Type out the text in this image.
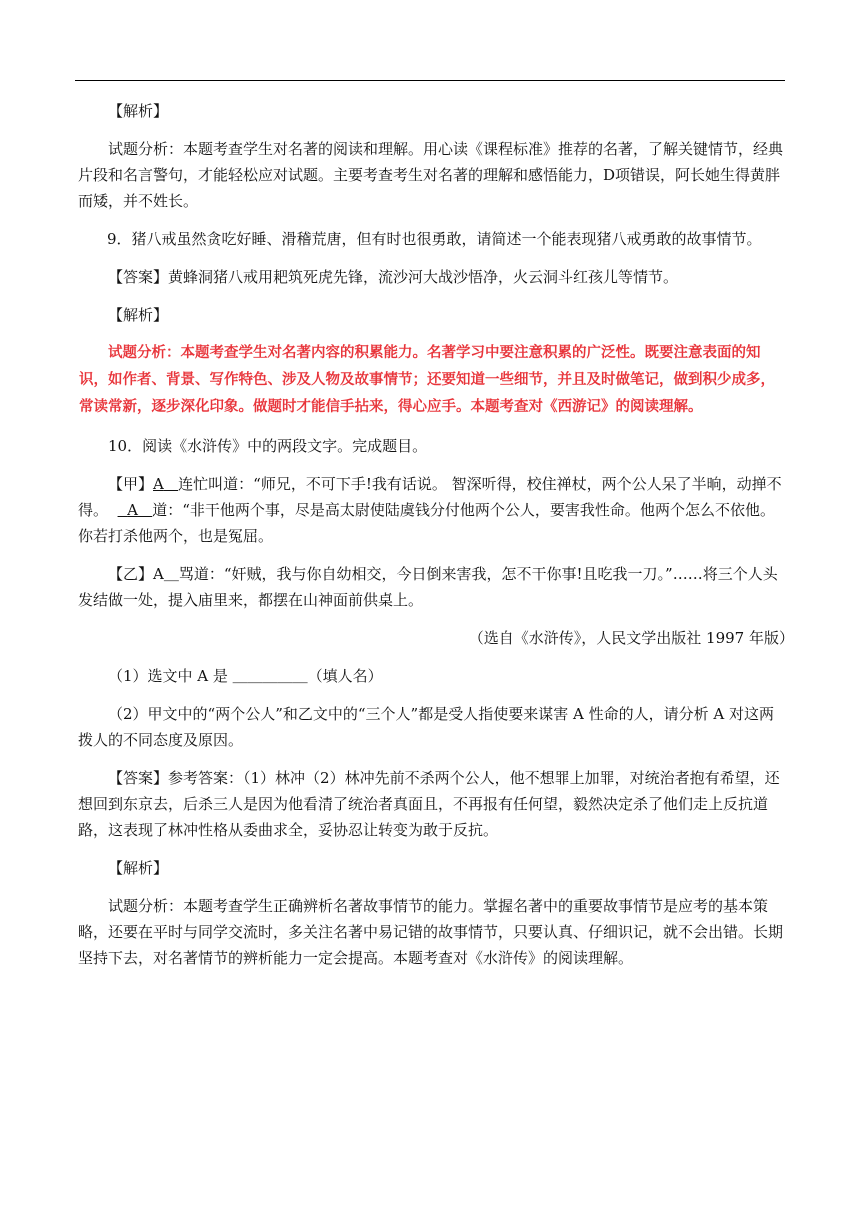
【解析】

试题分析：本题考查学生对名著的阅读和理解。用心读《课程标准》推荐的名著，了解关键情节，经典片段和名言警句，才能轻松应对试题。主要考查考生对名著的理解和感悟能力，D项错误，阿长她生得黄胖而矮，并不姓长。

9．猪八戒虽然贪吃好睡、滑稽荒唐，但有时也很勇敢，请简述一个能表现猪八戒勇敢的故事情节。

【答案】黄蜂洞猪八戒用耙筑死虎先锋，流沙河大战沙悟净，火云洞斗红孩儿等情节。

【解析】

试题分析：本题考查学生对名著内容的积累能力。名著学习中要注意积累的广泛性。既要注意表面的知识，如作者、背景、写作特色、涉及人物及故事情节；还要知道一些细节，并且及时做笔记，做到积少成多，常读常新，逐步深化印象。做题时才能信手拈来，得心应手。本题考查对《西游记》的阅读理解。

10．阅读《水浒传》中的两段文字。完成题目。

【甲】A 连忙叫道：“师兄，不可下手!我有话说。 智深听得，校住禅杖，两个公人呆了半晌，动掸不得。 A 道：“非干他两个事，尽是高太尉使陆虞钱分付他两个公人，要害我性命。他两个怎么不依他。你若打杀他两个，也是冤屈。

【乙】A＿骂道：“奸贼，我与你自幼相交，今日倒来害我，怎不干你事!且吃我一刀。”……将三个人头发结做一处，提入庙里来，都摆在山神面前供桌上。

（选自《水浒传》，人民文学出版社 1997 年版）

（1）选文中 A 是 ＿＿＿＿＿（填人名）

（2）甲文中的“两个公人”和乙文中的“三个人”都是受人指使要来谋害 A 性命的人，请分析 A 对这两拨人的不同态度及原因。

【答案】参考答案：（1）林冲（2）林冲先前不杀两个公人，他不想罪上加罪，对统治者抱有希望，还想回到东京去，后杀三人是因为他看清了统治者真面且，不再报有任何望，毅然决定杀了他们走上反抗道路，这表现了林冲性格从委曲求全，妥协忍让转变为敢于反抗。

【解析】

试题分析：本题考查学生正确辨析名著故事情节的能力。掌握名著中的重要故事情节是应考的基本策略，还要在平时与同学交流时，多关注名著中易记错的故事情节，只要认真、仔细识记，就不会出错。长期坚持下去，对名著情节的辨析能力一定会提高。本题考查对《水浒传》的阅读理解。
